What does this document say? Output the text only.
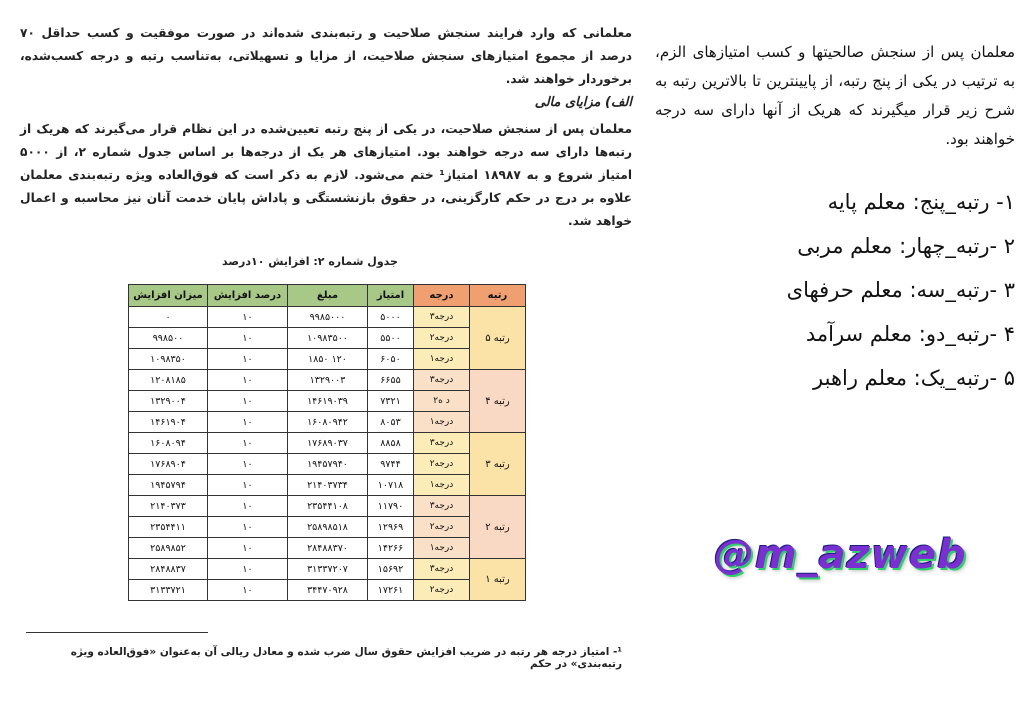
معلمانی که وارد فرایند سنجش صلاحیت و رتبه‌بندی شده‌اند در صورت موفقیت و کسب حداقل ۷۰ درصد از مجموع امتیازهای سنجش صلاحیت، از مزایا و تسهیلاتی، به‌تناسب رتبه و درجه کسب‌شده، برخوردار خواهند شد.

الف) مزایای مالی

معلمان پس از سنجش صلاحیت، در یکی از پنج رتبه تعیین‌شده در این نظام قرار می‌گیرند که هریک از رتبه‌ها دارای سه درجه خواهند بود. امتیازهای هر یک از درجه‌ها بر اساس جدول شماره ۲، از ۵۰۰۰ امتیاز شروع و به ۱۸۹۸۷ امتیاز¹ ختم می‌شود. لازم به ذکر است که فوق‌العاده ویژه رتبه‌بندی معلمان علاوه بر درج در حکم کارگزینی، در حقوق بازنشستگی و پاداش پایان خدمت آنان نیز محاسبه و اعمال خواهد شد.

جدول شماره ۲: افزایش ۱۰درصد
رتبه	درجه	امتیاز	مبلغ	درصد افزایش	میزان افزایش
رتبه ۵	درجه۳	۵۰۰۰	۹۹۸۵۰۰۰	۱۰	۰
	درجه۲	۵۵۰۰	۱۰۹۸۳۵۰۰	۱۰	۹۹۸۵۰۰
	درجه۱	۶۰۵۰	۱۲۰ ۱۸۵۰	۱۰	۱۰۹۸۳۵۰
رتبه ۴	درجه۳	۶۶۵۵	۱۳۲۹۰۰۳	۱۰	۱۲۰۸۱۸۵
	د ه۲	۷۳۲۱	۱۴۶۱۹۰۳۹	۱۰	۱۳۲۹۰۰۴
	درجه۱	۸۰۵۳	۱۶۰۸۰۹۴۲	۱۰	۱۴۶۱۹۰۴
رتبه ۳	درجه۳	۸۸۵۸	۱۷۶۸۹۰۳۷	۱۰	۱۶۰۸۰۹۴
	درجه۲	۹۷۴۴	۱۹۴۵۷۹۴۰	۱۰	۱۷۶۸۹۰۴
	درجه۱	۱۰۷۱۸	۲۱۴۰۳۷۳۴	۱۰	۱۹۴۵۷۹۴
رتبه ۲	درجه۳	۱۱۷۹۰	۲۳۵۴۴۱۰۸	۱۰	۲۱۴۰۳۷۳
	درجه۲	۱۲۹۶۹	۲۵۸۹۸۵۱۸	۱۰	۲۳۵۴۴۱۱
	درجه۱	۱۴۲۶۶	۲۸۴۸۸۳۷۰	۱۰	۲۵۸۹۸۵۲
رتبه ۱	درجه۳	۱۵۶۹۲	۳۱۳۳۷۲۰۷	۱۰	۲۸۴۸۸۳۷
	درجه۲	۱۷۲۶۱	۳۴۴۷۰۹۲۸	۱۰	۳۱۳۳۷۲۱
¹- امتیاز درجه هر رتبه در ضریب افزایش حقوق سال ضرب شده و معادل ریالی آن به‌عنوان «فوق‌العاده ویژه رتبه‌بندی» در حکم
معلمان پس از سنجش صالحیتها و کسب امتیازهای الزم، به ترتیب در یکی از پنج رتبه، از پایینترین تا بالاترین رتبه به شرح زیر قرار میگیرند که هریک از آنها دارای سه درجه خواهند بود.
۱- رتبه_پنج: معلم پایه
۲ -رتبه_چهار: معلم مربی
۳ -رتبه_سه: معلم حرفهای
۴ -رتبه_دو: معلم سرآمد
۵ -رتبه_یک: معلم راهبر
@m_azweb
